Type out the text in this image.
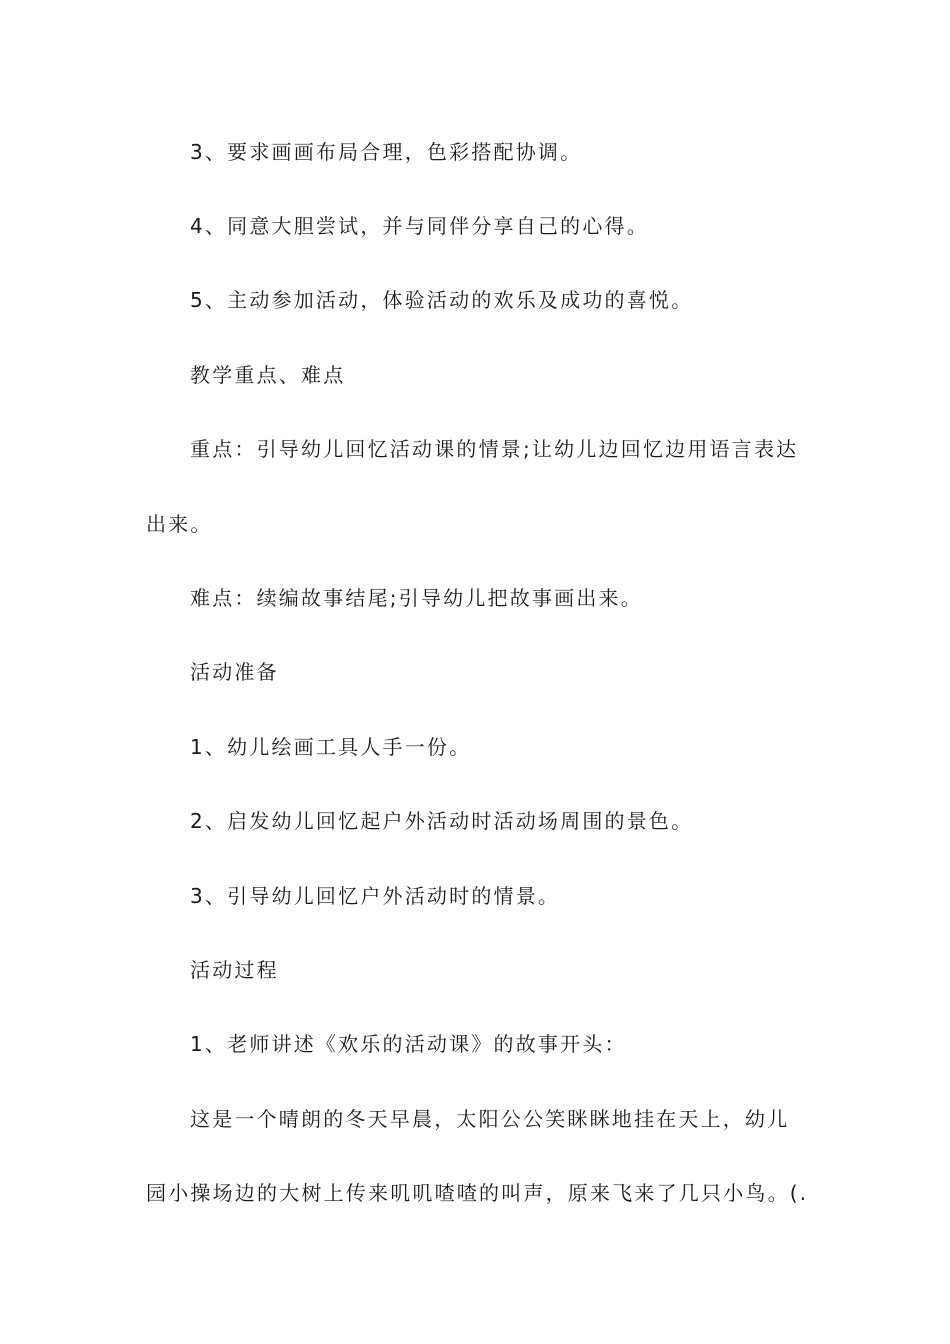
3、要求画画布局合理，色彩搭配协调。

4、同意大胆尝试，并与同伴分享自己的心得。

5、主动参加活动，体验活动的欢乐及成功的喜悦。

教学重点、难点

重点：引导幼儿回忆活动课的情景;让幼儿边回忆边用语言表达

出来。

难点：续编故事结尾;引导幼儿把故事画出来。

活动准备

1、幼儿绘画工具人手一份。

2、启发幼儿回忆起户外活动时活动场周围的景色。

3、引导幼儿回忆户外活动时的情景。

活动过程

1、老师讲述《欢乐的活动课》的故事开头：

这是一个晴朗的冬天早晨，太阳公公笑眯眯地挂在天上，幼儿

园小操场边的大树上传来叽叽喳喳的叫声，原来飞来了几只小鸟。(.
